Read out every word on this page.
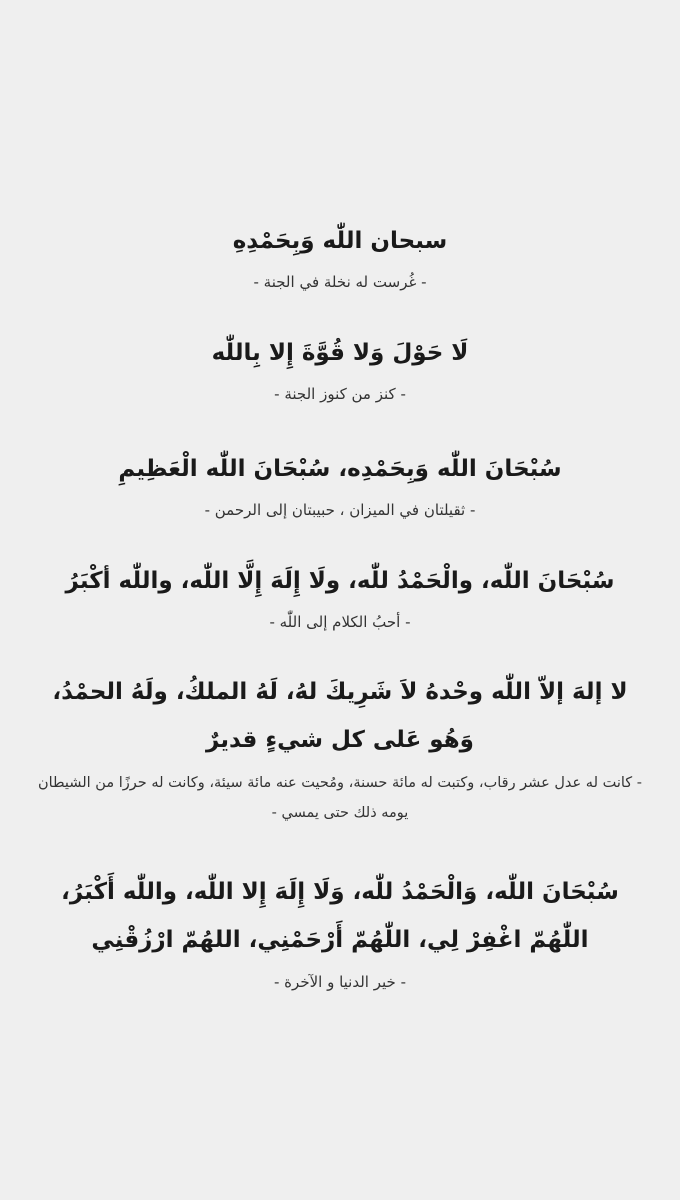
سبحان اللّٰه وَبِحَمْدِهِ

- غُرست له نخلة في الجنة -

لَا حَوْلَ وَلا قُوَّةَ إِلا بِاللّٰه

- كنز من كنوز الجنة -

سُبْحَانَ اللّٰه وَبِحَمْدِه، سُبْحَانَ اللّٰه الْعَظِيمِ

- ثقيلتان في الميزان ، حبيبتان إلى الرحمن -

سُبْحَانَ اللّٰه، والْحَمْدُ للّٰه، ولَا إِلَهَ إِلَّا اللّٰه، واللّٰه أكْبَرُ

- أحبُ الكلام إلى اللّٰه -

لا إلهَ إلاّ اللّٰه وحْدهُ لاَ شَرِيكَ لهُ، لَهُ الملكُ، ولَهُ الحمْدُ، وَهُو عَلى كل شيءٍ قديرٌ

- كانت له عدل عشر رقاب، وكتبت له مائة حسنة، ومُحيت عنه مائة سيئة، وكانت له حرزًا من الشيطان يومه ذلك حتى يمسي -

سُبْحَانَ اللّٰه، وَالْحَمْدُ للّٰه، وَلَا إِلَهَ إِلا اللّٰه، واللّٰه أَكْبَرُ، اللّٰهُمّ اغْفِرْ لِي، اللّٰهُمّ أَرْحَمْنِي، اللهُمّ ارْزُقْنِي

- خير الدنيا و الآخرة -
